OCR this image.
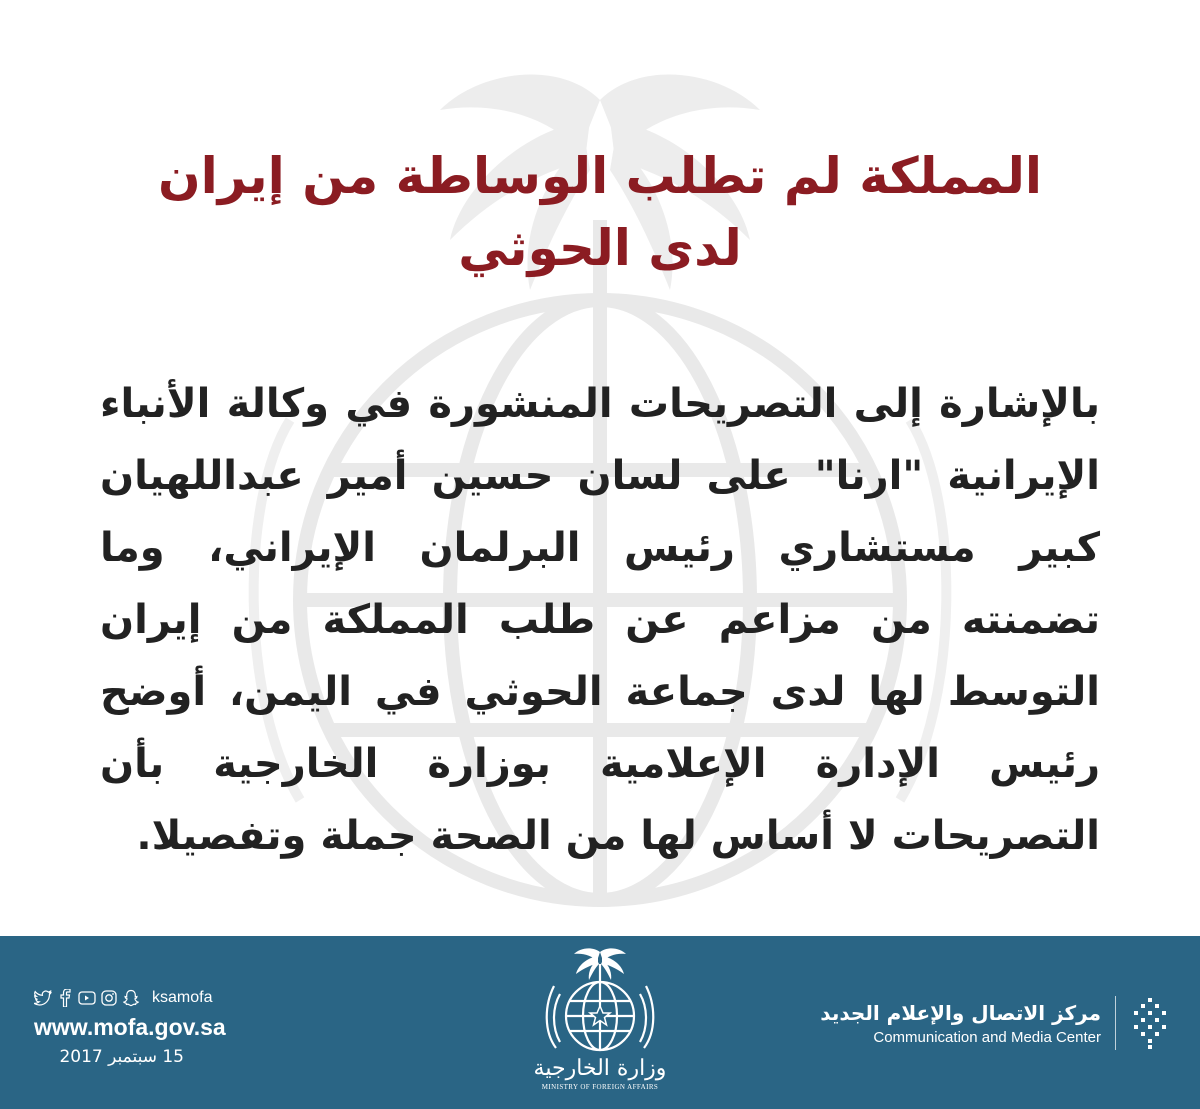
المملكة لم تطلب الوساطة من إيران
لدى الحوثي
بالإشارة إلى التصريحات المنشورة في وكالة الأنباء
الإيرانية "ارنا" على لسان حسين أمير عبداللهيان
كبير مستشاري رئيس البرلمان الإيراني، وما
تضمنته من مزاعم عن طلب المملكة من إيران
التوسط لها لدى جماعة الحوثي في اليمن، أوضح
رئيس الإدارة الإعلامية بوزارة الخارجية بأن
التصريحات لا أساس لها من الصحة جملة وتفصيلا.
ksamofa
www.mofa.gov.sa
15 سبتمبر 2017	وزارة الخارجية
MINISTRY OF FOREIGN AFFAIRS
مركز الاتصال والإعلام الجديد
Communication and Media Center
